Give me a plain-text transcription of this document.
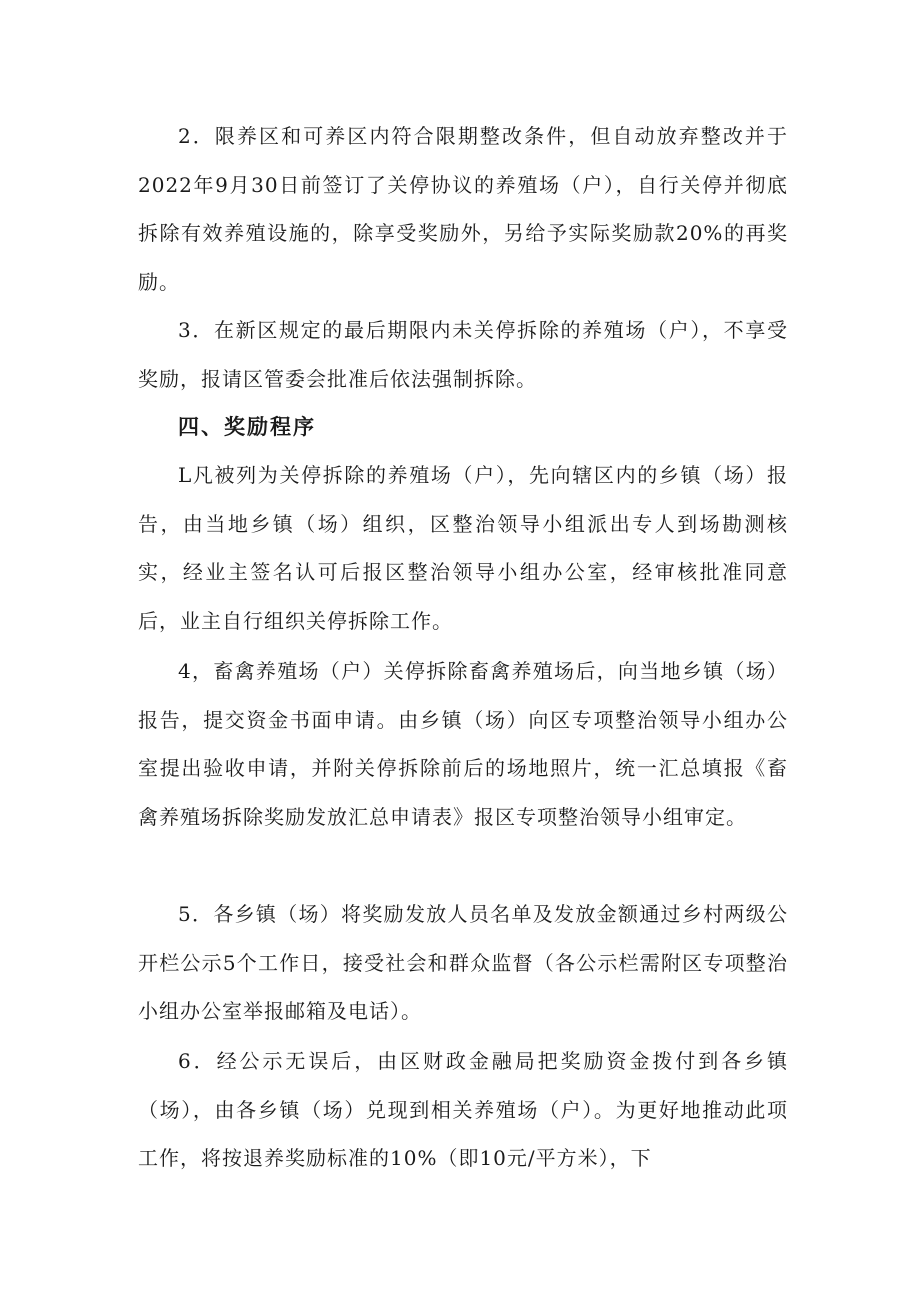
2．限养区和可养区内符合限期整改条件，但自动放弃整改并于2022年9月30日前签订了关停协议的养殖场（户），自行关停并彻底拆除有效养殖设施的，除享受奖励外，另给予实际奖励款20%的再奖励。

3．在新区规定的最后期限内未关停拆除的养殖场（户），不享受奖励，报请区管委会批准后依法强制拆除。

四、奖励程序

L凡被列为关停拆除的养殖场（户），先向辖区内的乡镇（场）报告，由当地乡镇（场）组织，区整治领导小组派出专人到场勘测核实，经业主签名认可后报区整治领导小组办公室，经审核批准同意后，业主自行组织关停拆除工作。

4，畜禽养殖场（户）关停拆除畜禽养殖场后，向当地乡镇（场）报告，提交资金书面申请。由乡镇（场）向区专项整治领导小组办公室提出验收申请，并附关停拆除前后的场地照片，统一汇总填报《畜禽养殖场拆除奖励发放汇总申请表》报区专项整治领导小组审定。

5．各乡镇（场）将奖励发放人员名单及发放金额通过乡村两级公开栏公示5个工作日，接受社会和群众监督（各公示栏需附区专项整治小组办公室举报邮箱及电话）。

6．经公示无误后，由区财政金融局把奖励资金拨付到各乡镇（场），由各乡镇（场）兑现到相关养殖场（户）。为更好地推动此项工作，将按退养奖励标准的10%（即10元/平方米），下
